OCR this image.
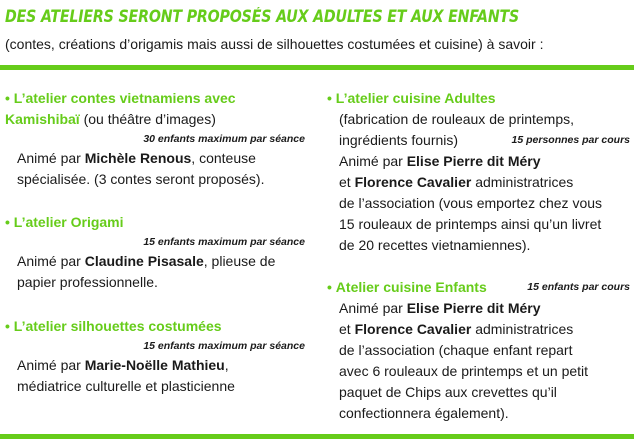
DES ATELIERS SERONT PROPOSÉS AUX ADULTES ET AUX ENFANTS
(contes, créations d’origamis mais aussi de silhouettes costumées et cuisine) à savoir :
• L’atelier contes vietnamiens avec
Kamishibaï (ou théâtre d’images)
30 enfants maximum par séance
Animé par Michèle Renous, conteuse
spécialisée. (3 contes seront proposés).
• L’atelier Origami
15 enfants maximum par séance
Animé par Claudine Pisasale, plieuse de
papier professionnelle.
• L’atelier silhouettes costumées
15 enfants maximum par séance
Animé par Marie-Noëlle Mathieu,
médiatrice culturelle et plasticienne
• L’atelier cuisine Adultes
(fabrication de rouleaux de printemps,
ingrédients fournis)	15 personnes par cours
Animé par Elise Pierre dit Méry
et Florence Cavalier administratrices
de l’association (vous emportez chez vous
15 rouleaux de printemps ainsi qu’un livret
de 20 recettes vietnamiennes).
• Atelier cuisine Enfants	15 enfants par cours
Animé par Elise Pierre dit Méry
et Florence Cavalier administratrices
de l’association (chaque enfant repart
avec 6 rouleaux de printemps et un petit
paquet de Chips aux crevettes qu’il
confectionnera également).
